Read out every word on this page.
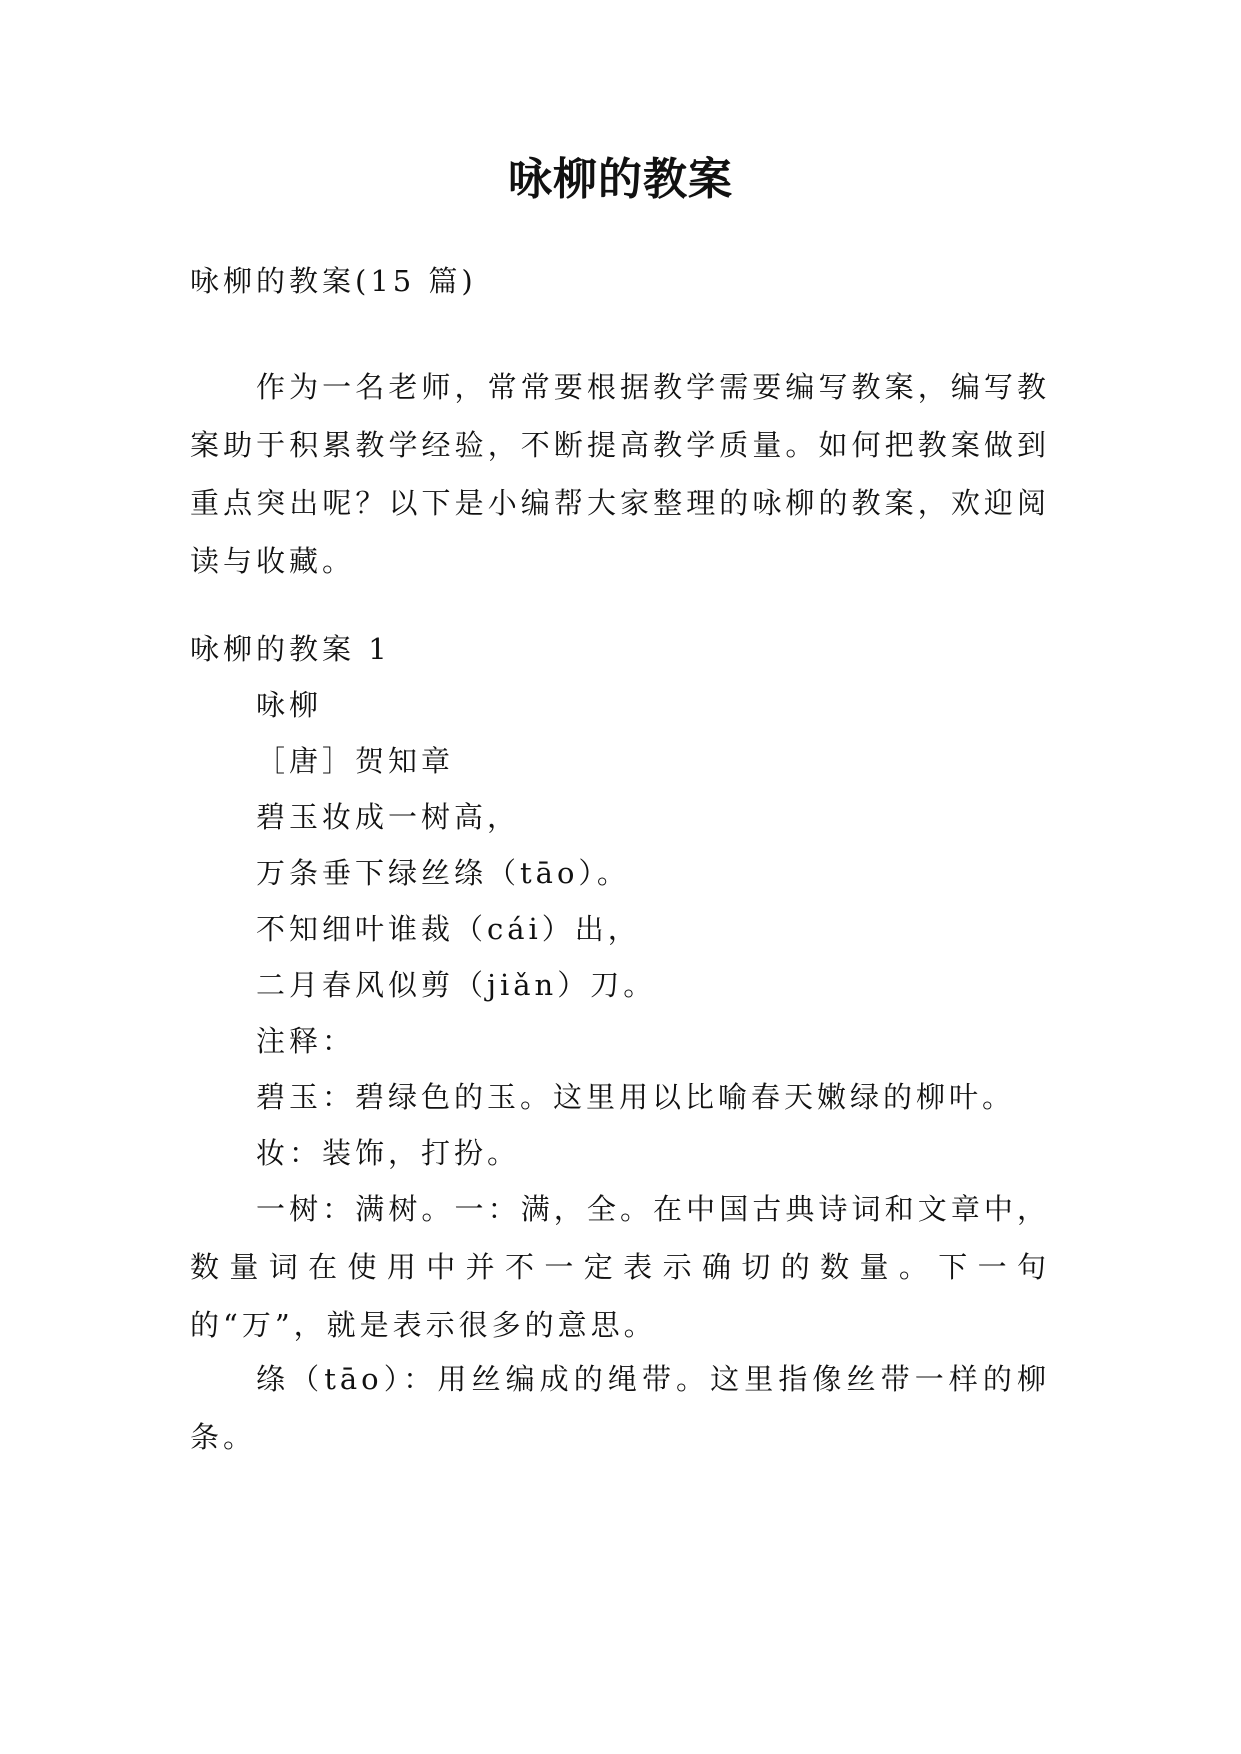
咏柳的教案
咏柳的教案(15 篇)
作为一名老师，常常要根据教学需要编写教案，编写教案助于积累教学经验，不断提高教学质量。如何把教案做到重点突出呢？以下是小编帮大家整理的咏柳的教案，欢迎阅读与收藏。
咏柳的教案 1
咏柳
［唐］贺知章
碧玉妆成一树高，
万条垂下绿丝绦（tāo）。
不知细叶谁裁（cái）出，
二月春风似剪（jiǎn）刀。
注释：
碧玉：碧绿色的玉。这里用以比喻春天嫩绿的柳叶。
妆：装饰，打扮。
一树：满树。一：满，全。在中国古典诗词和文章中，数量词在使用中并不一定表示确切的数量。下一句的“万”，就是表示很多的意思。
绦（tāo）：用丝编成的绳带。这里指像丝带一样的柳条。
